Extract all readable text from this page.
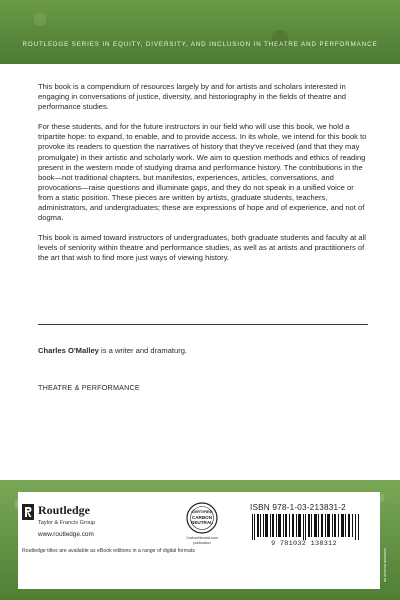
ROUTLEDGE SERIES IN EQUITY, DIVERSITY, AND INCLUSION IN THEATRE AND PERFORMANCE

This book is a compendium of resources largely by and for artists and scholars interested in engaging in conversations of justice, diversity, and historiography in the fields of theatre and performance studies.

For these students, and for the future instructors in our field who will use this book, we hold a tripartite hope: to expand, to enable, and to provide access. In its whole, we intend for this book to provoke its readers to question the narratives of history that they've received (and that they may promulgate) in their artistic and scholarly work. We aim to question methods and ethics of reading present in the western mode of studying drama and performance history. The contributions in the book—not traditional chapters, but manifestos, experiences, articles, conversations, and provocations—raise questions and illuminate gaps, and they do not speak in a unified voice or from a static position. These pieces are written by artists, graduate students, teachers, administrators, and undergraduates; these are expressions of hope and of experience, and not of dogma.

This book is aimed toward instructors of undergraduates, both graduate students and faculty at all levels of seniority within theatre and performance studies, as well as at artists and practitioners of the art that wish to find more just ways of viewing history.

Charles O'Malley is a writer and dramaturg.
THEATRE & PERFORMANCE
Routledge
Taylor & Francis Group
www.routledge.com
CERTIFIED
CARBON
NEUTRAL
CarbonNeutral.com
publication
ISBN 978-1-03-213831-2
9 781032 138312
Routledge titles are available as eBook editions in a range of digital formats	an informa business
